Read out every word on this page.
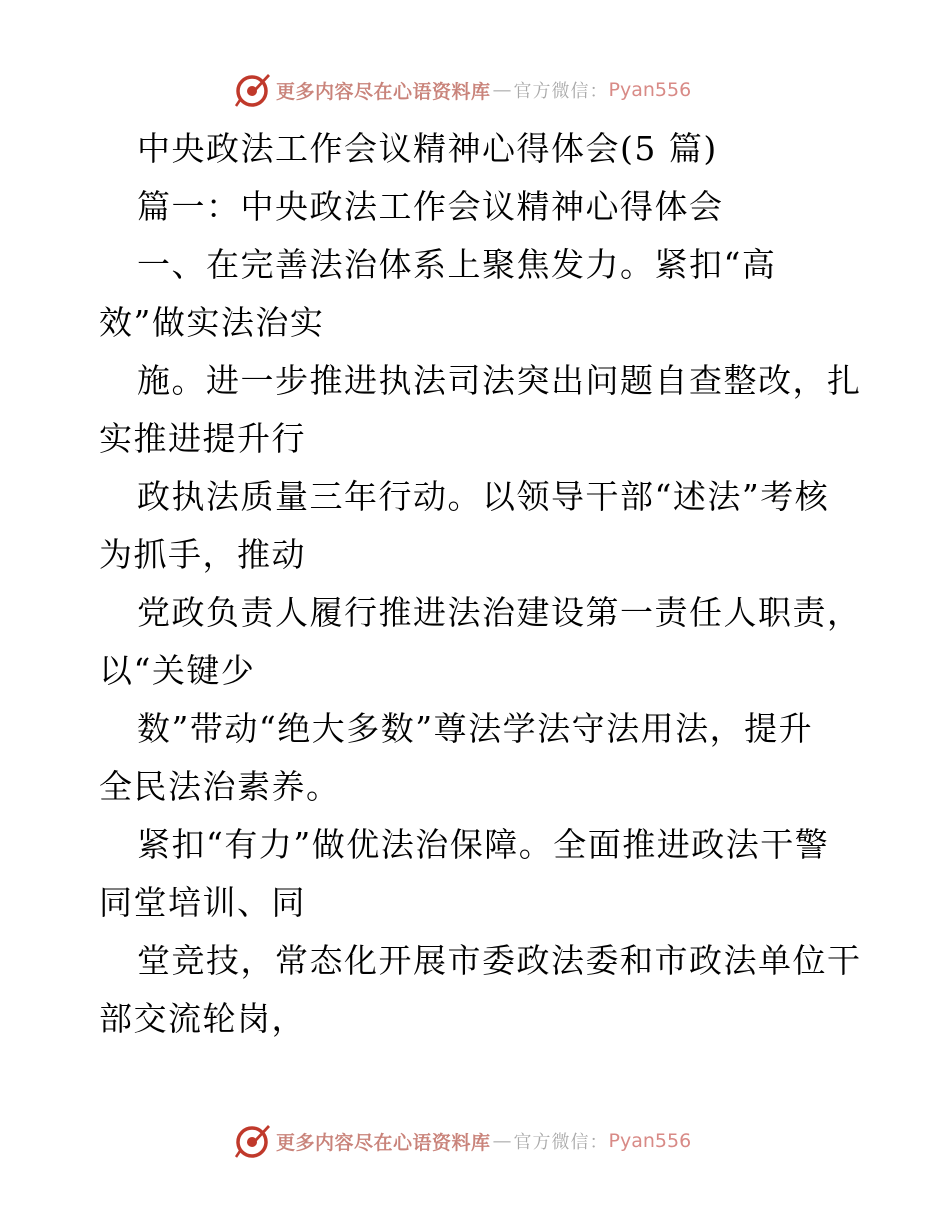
更多内容尽在心语资料库 — 官方微信： Pyan556
中央政法工作会议精神心得体会(5 篇)
篇一：中央政法工作会议精神心得体会
一、在完善法治体系上聚焦发力。紧扣“高
效”做实法治实
施。进一步推进执法司法突出问题自查整改，扎
实推进提升行
政执法质量三年行动。以领导干部“述法”考核
为抓手，推动
党政负责人履行推进法治建设第一责任人职责，
以“关键少
数”带动“绝大多数”尊法学法守法用法，提升
全民法治素养。
紧扣“有力”做优法治保障。全面推进政法干警
同堂培训、同
堂竞技，常态化开展市委政法委和市政法单位干
部交流轮岗，
更多内容尽在心语资料库 — 官方微信： Pyan556
